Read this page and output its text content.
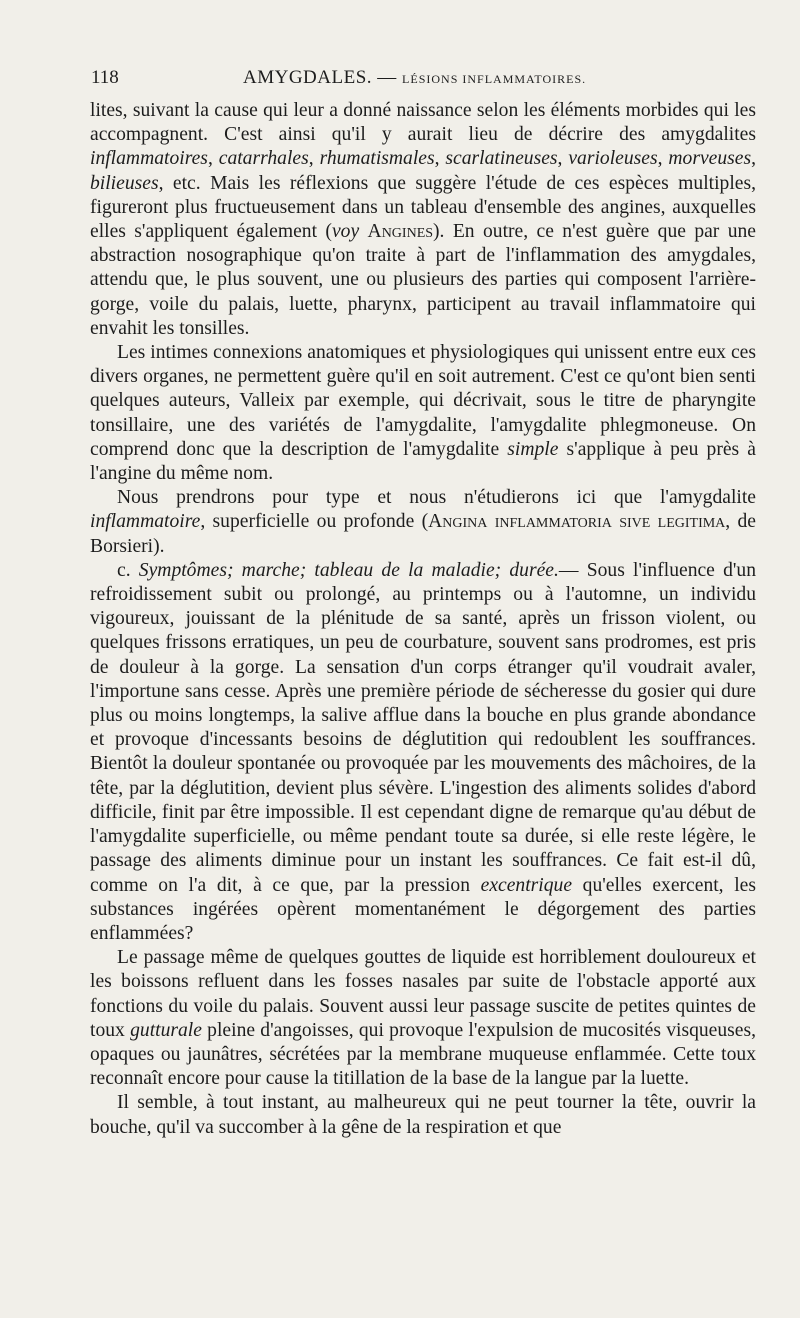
118	AMYGDALES. — LÉSIONS INFLAMMATOIRES.

lites, suivant la cause qui leur a donné naissance selon les éléments morbides qui les accompagnent. C'est ainsi qu'il y aurait lieu de décrire des amygdalites inflammatoires, catarrhales, rhumatismales, scarlatineuses, varioleuses, morveuses, bilieuses, etc. Mais les réflexions que suggère l'étude de ces espèces multiples, figureront plus fructueusement dans un tableau d'ensemble des angines, auxquelles elles s'appliquent également (voy Angines). En outre, ce n'est guère que par une abstraction nosographique qu'on traite à part de l'inflammation des amygdales, attendu que, le plus souvent, une ou plusieurs des parties qui composent l'arrière-gorge, voile du palais, luette, pharynx, participent au travail inflammatoire qui envahit les tonsilles.

Les intimes connexions anatomiques et physiologiques qui unissent entre eux ces divers organes, ne permettent guère qu'il en soit autrement. C'est ce qu'ont bien senti quelques auteurs, Valleix par exemple, qui décrivait, sous le titre de pharyngite tonsillaire, une des variétés de l'amygdalite, l'amygdalite phlegmoneuse. On comprend donc que la description de l'amygdalite simple s'applique à peu près à l'angine du même nom.

Nous prendrons pour type et nous n'étudierons ici que l'amygdalite inflammatoire, superficielle ou profonde (Angina inflammatoria sive legitima, de Borsieri).

c. Symptômes; marche; tableau de la maladie; durée.— Sous l'influence d'un refroidissement subit ou prolongé, au printemps ou à l'automne, un individu vigoureux, jouissant de la plénitude de sa santé, après un frisson violent, ou quelques frissons erratiques, un peu de courbature, souvent sans prodromes, est pris de douleur à la gorge. La sensation d'un corps étranger qu'il voudrait avaler, l'importune sans cesse. Après une première période de sécheresse du gosier qui dure plus ou moins longtemps, la salive afflue dans la bouche en plus grande abondance et provoque d'incessants besoins de déglutition qui redoublent les souffrances. Bientôt la douleur spontanée ou provoquée par les mouvements des mâchoires, de la tête, par la déglutition, devient plus sévère. L'ingestion des aliments solides d'abord difficile, finit par être impossible. Il est cependant digne de remarque qu'au début de l'amygdalite superficielle, ou même pendant toute sa durée, si elle reste légère, le passage des aliments diminue pour un instant les souffrances. Ce fait est-il dû, comme on l'a dit, à ce que, par la pression excentrique qu'elles exercent, les substances ingérées opèrent momentanément le dégorgement des parties enflammées?

Le passage même de quelques gouttes de liquide est horriblement douloureux et les boissons refluent dans les fosses nasales par suite de l'obstacle apporté aux fonctions du voile du palais. Souvent aussi leur passage suscite de petites quintes de toux gutturale pleine d'angoisses, qui provoque l'expulsion de mucosités visqueuses, opaques ou jaunâtres, sécrétées par la membrane muqueuse enflammée. Cette toux reconnaît encore pour cause la titillation de la base de la langue par la luette.

Il semble, à tout instant, au malheureux qui ne peut tourner la tête, ouvrir la bouche, qu'il va succomber à la gêne de la respiration et que
